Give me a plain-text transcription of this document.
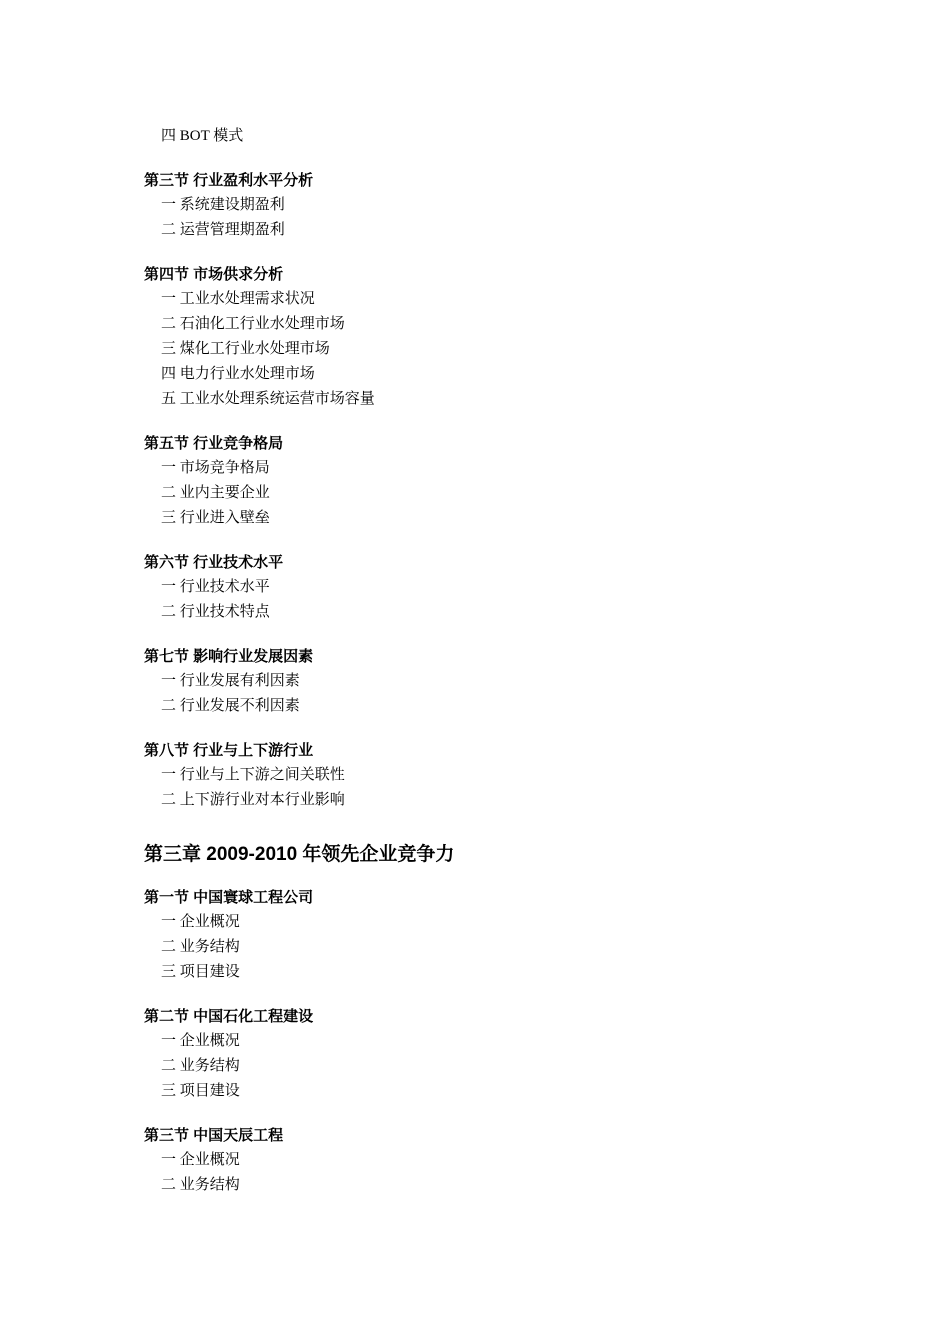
四 BOT 模式
第三节 行业盈利水平分析
一 系统建设期盈利
二 运营管理期盈利
第四节 市场供求分析
一 工业水处理需求状况
二 石油化工行业水处理市场
三 煤化工行业水处理市场
四 电力行业水处理市场
五 工业水处理系统运营市场容量
第五节 行业竞争格局
一 市场竞争格局
二 业内主要企业
三 行业进入壁垒
第六节 行业技术水平
一 行业技术水平
二 行业技术特点
第七节 影响行业发展因素
一 行业发展有利因素
二 行业发展不利因素
第八节 行业与上下游行业
一 行业与上下游之间关联性
二 上下游行业对本行业影响
第三章 2009-2010 年领先企业竞争力
第一节 中国寰球工程公司
一 企业概况
二 业务结构
三 项目建设
第二节 中国石化工程建设
一 企业概况
二 业务结构
三 项目建设
第三节 中国天辰工程
一 企业概况
二 业务结构
